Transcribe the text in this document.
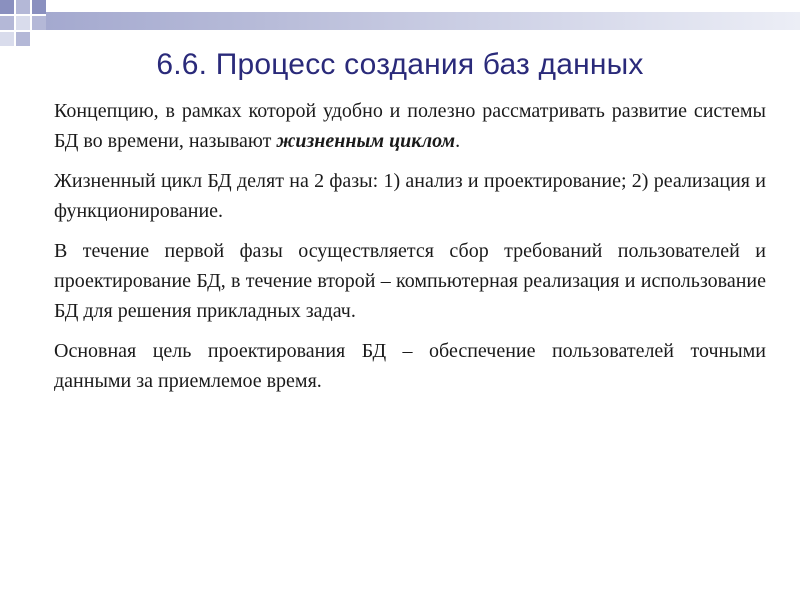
6.6. Процесс создания баз данных

Концепцию, в рамках которой удобно и полезно рассматривать развитие системы БД во времени, называют жизненным циклом.

Жизненный цикл БД делят на 2 фазы: 1) анализ и проектирование; 2) реализация и функционирование.

В течение первой фазы осуществляется сбор требований пользователей и проектирование БД, в течение второй – компьютерная реализация и использование БД для решения прикладных задач.

Основная цель проектирования БД – обеспечение пользователей точными данными за приемлемое время.
